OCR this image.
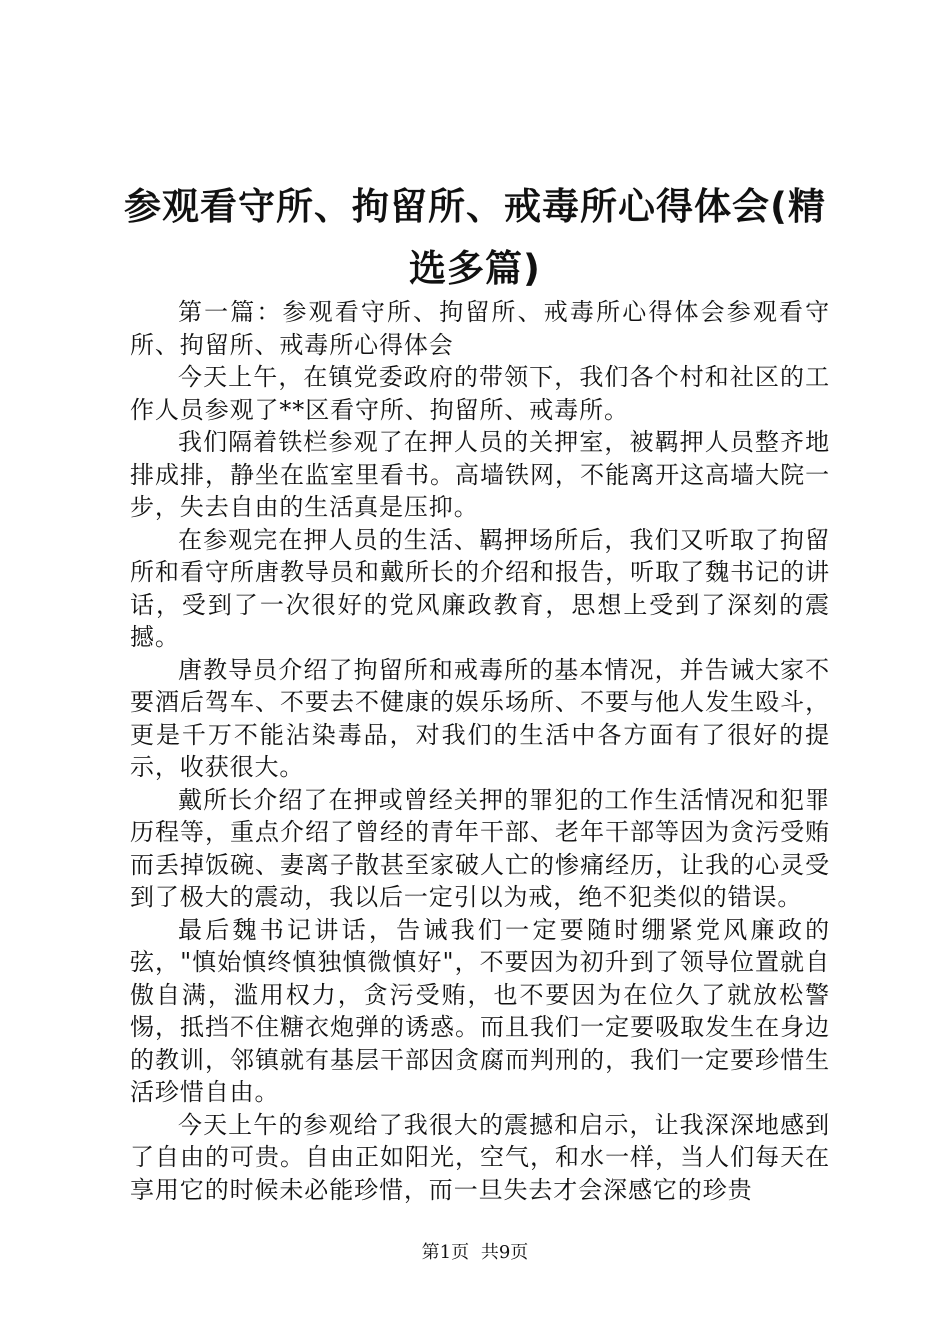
参观看守所、拘留所、戒毒所心得体会(精选多篇)

第一篇：参观看守所、拘留所、戒毒所心得体会参观看守所、拘留所、戒毒所心得体会

今天上午，在镇党委政府的带领下，我们各个村和社区的工作人员参观了**区看守所、拘留所、戒毒所。

我们隔着铁栏参观了在押人员的关押室，被羁押人员整齐地排成排，静坐在监室里看书。高墙铁网，不能离开这高墙大院一步，失去自由的生活真是压抑。

在参观完在押人员的生活、羁押场所后，我们又听取了拘留所和看守所唐教导员和戴所长的介绍和报告，听取了魏书记的讲话，受到了一次很好的党风廉政教育，思想上受到了深刻的震撼。

唐教导员介绍了拘留所和戒毒所的基本情况，并告诫大家不要酒后驾车、不要去不健康的娱乐场所、不要与他人发生殴斗，更是千万不能沾染毒品，对我们的生活中各方面有了很好的提示，收获很大。

戴所长介绍了在押或曾经关押的罪犯的工作生活情况和犯罪历程等，重点介绍了曾经的青年干部、老年干部等因为贪污受贿而丢掉饭碗、妻离子散甚至家破人亡的惨痛经历，让我的心灵受到了极大的震动，我以后一定引以为戒，绝不犯类似的错误。

最后魏书记讲话，告诫我们一定要随时绷紧党风廉政的弦，"慎始慎终慎独慎微慎好"，不要因为初升到了领导位置就自傲自满，滥用权力，贪污受贿，也不要因为在位久了就放松警惕，抵挡不住糖衣炮弹的诱惑。而且我们一定要吸取发生在身边的教训，邻镇就有基层干部因贪腐而判刑的，我们一定要珍惜生活珍惜自由。

今天上午的参观给了我很大的震撼和启示，让我深深地感到了自由的可贵。自由正如阳光，空气，和水一样，当人们每天在享用它的时候未必能珍惜，而一旦失去才会深感它的珍贵

第1页 共9页
